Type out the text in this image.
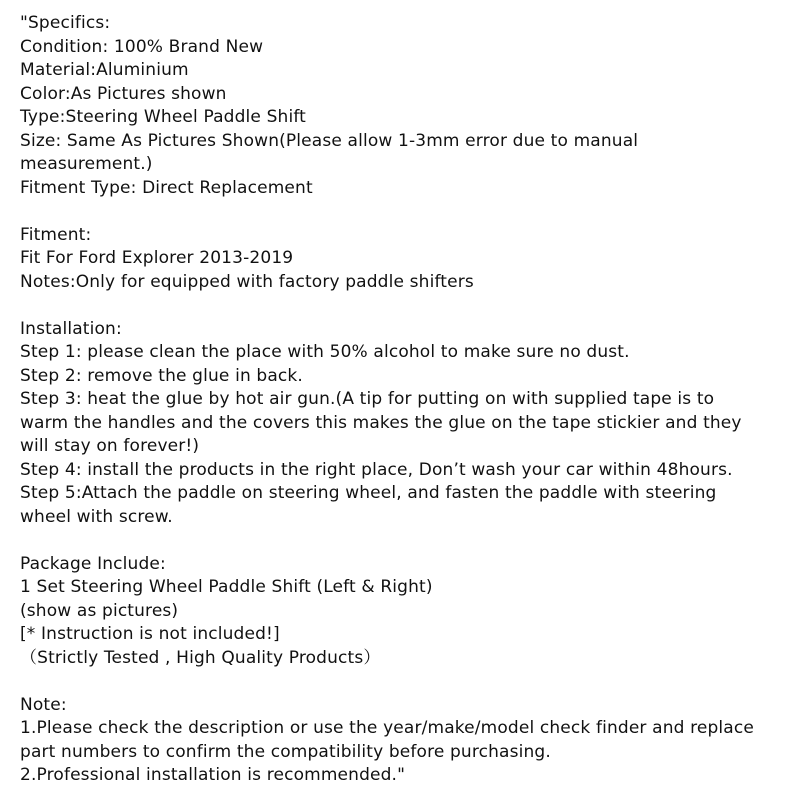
"Specifics:
Condition: 100% Brand New
Material:Aluminium
Color:As Pictures shown
Type:Steering Wheel Paddle Shift
Size: Same As Pictures Shown(Please allow 1-3mm error due to manual
measurement.)
Fitment Type: Direct Replacement
Fitment:
Fit For Ford Explorer 2013-2019
Notes:Only for equipped with factory paddle shifters
Installation:
Step 1: please clean the place with 50% alcohol to make sure no dust.
Step 2: remove the glue in back.
Step 3: heat the glue by hot air gun.(A tip for putting on with supplied tape is to
warm the handles and the covers this makes the glue on the tape stickier and they
will stay on forever!)
Step 4: install the products in the right place, Don’t wash your car within 48hours.
Step 5:Attach the paddle on steering wheel, and fasten the paddle with steering
wheel with screw.
Package Include:
1 Set Steering Wheel Paddle Shift (Left & Right)
(show as pictures)
[* Instruction is not included!]
（Strictly Tested , High Quality Products）
Note:
1.Please check the description or use the year/make/model check finder and replace
part numbers to confirm the compatibility before purchasing.
2.Professional installation is recommended."
